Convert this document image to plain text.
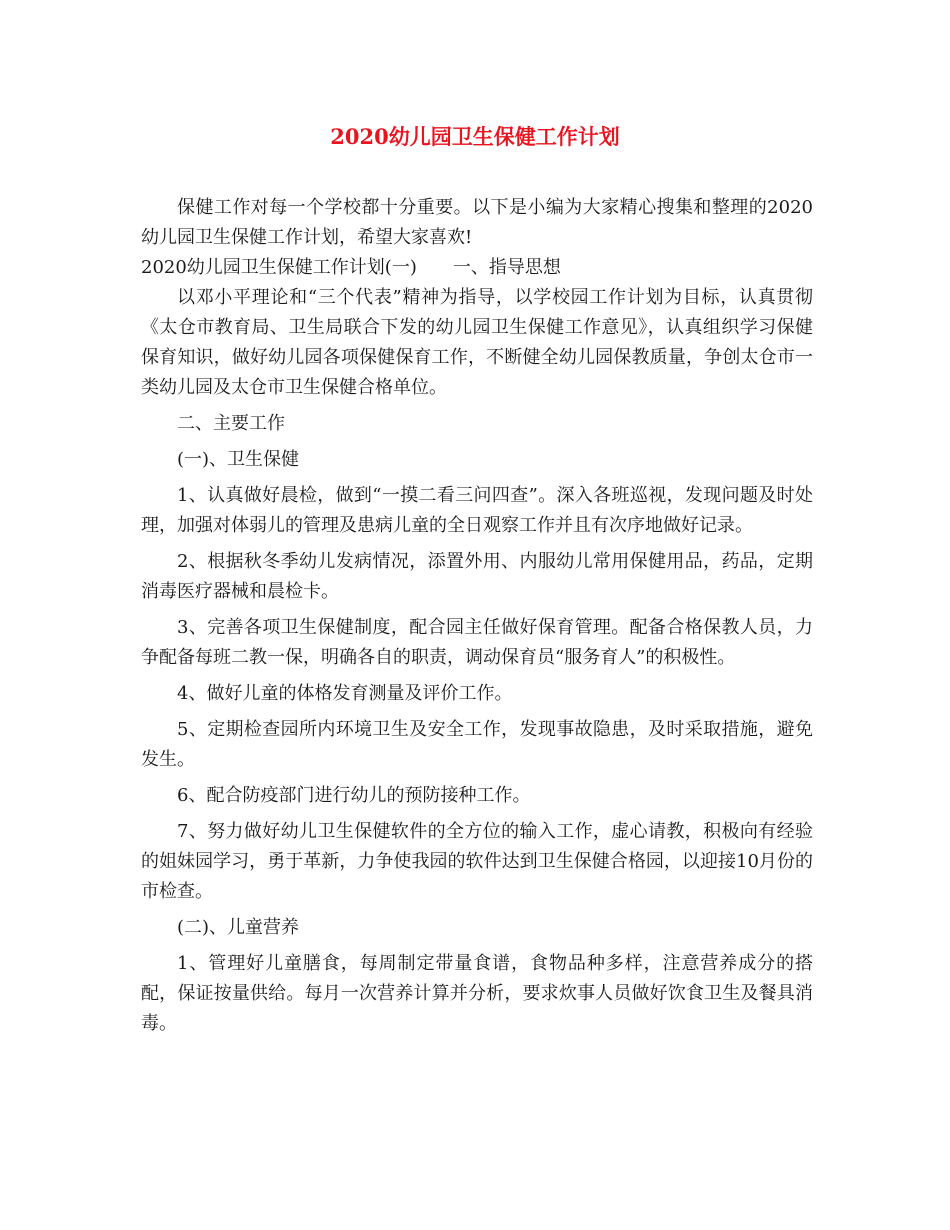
2020幼儿园卫生保健工作计划

保健工作对每一个学校都十分重要。以下是小编为大家精心搜集和整理的2020幼儿园卫生保健工作计划，希望大家喜欢!

2020幼儿园卫生保健工作计划(一) 一、指导思想

以邓小平理论和“三个代表”精神为指导，以学校园工作计划为目标，认真贯彻《太仓市教育局、卫生局联合下发的幼儿园卫生保健工作意见》，认真组织学习保健保育知识，做好幼儿园各项保健保育工作，不断健全幼儿园保教质量，争创太仓市一类幼儿园及太仓市卫生保健合格单位。

二、主要工作

(一)、卫生保健

1、认真做好晨检，做到“一摸二看三问四查”。深入各班巡视，发现问题及时处理，加强对体弱儿的管理及患病儿童的全日观察工作并且有次序地做好记录。

2、根据秋冬季幼儿发病情况，添置外用、内服幼儿常用保健用品，药品，定期消毒医疗器械和晨检卡。

3、完善各项卫生保健制度，配合园主任做好保育管理。配备合格保教人员，力争配备每班二教一保，明确各自的职责，调动保育员“服务育人”的积极性。

4、做好儿童的体格发育测量及评价工作。

5、定期检查园所内环境卫生及安全工作，发现事故隐患，及时采取措施，避免发生。

6、配合防疫部门进行幼儿的预防接种工作。

7、努力做好幼儿卫生保健软件的全方位的输入工作，虚心请教，积极向有经验的姐妹园学习，勇于革新，力争使我园的软件达到卫生保健合格园，以迎接10月份的市检查。

(二)、儿童营养

1、管理好儿童膳食，每周制定带量食谱，食物品种多样，注意营养成分的搭配，保证按量供给。每月一次营养计算并分析，要求炊事人员做好饮食卫生及餐具消毒。
